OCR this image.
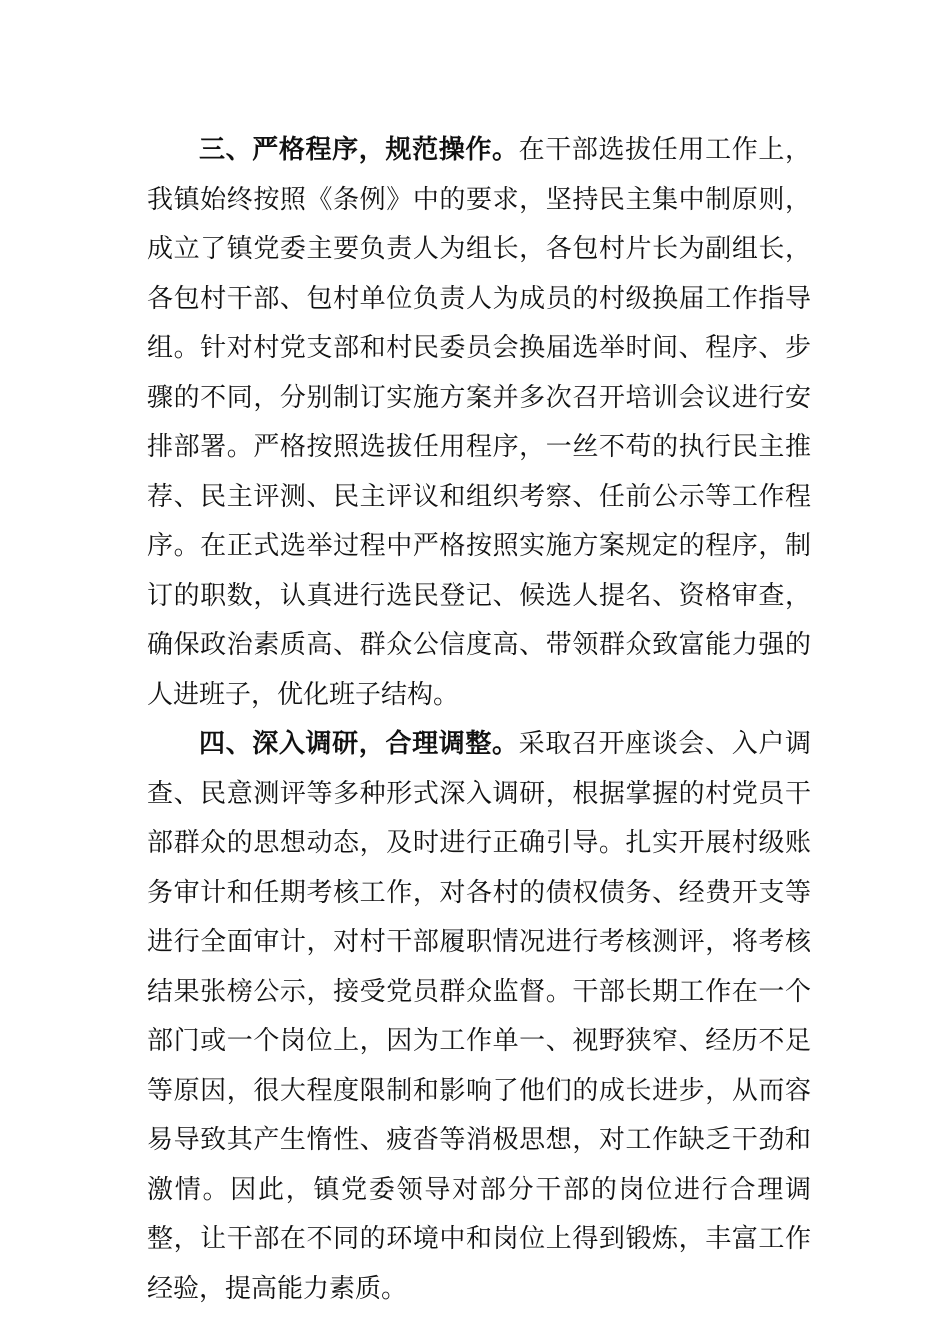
三、严格程序，规范操作。在干部选拔任用工作上，我镇始终按照《条例》中的要求，坚持民主集中制原则，成立了镇党委主要负责人为组长，各包村片长为副组长，各包村干部、包村单位负责人为成员的村级换届工作指导组。针对村党支部和村民委员会换届选举时间、程序、步骤的不同，分别制订实施方案并多次召开培训会议进行安排部署。严格按照选拔任用程序，一丝不苟的执行民主推荐、民主评测、民主评议和组织考察、任前公示等工作程序。在正式选举过程中严格按照实施方案规定的程序，制订的职数，认真进行选民登记、候选人提名、资格审查，确保政治素质高、群众公信度高、带领群众致富能力强的人进班子，优化班子结构。

四、深入调研，合理调整。采取召开座谈会、入户调查、民意测评等多种形式深入调研，根据掌握的村党员干部群众的思想动态，及时进行正确引导。扎实开展村级账务审计和任期考核工作，对各村的债权债务、经费开支等进行全面审计，对村干部履职情况进行考核测评，将考核结果张榜公示，接受党员群众监督。干部长期工作在一个部门或一个岗位上，因为工作单一、视野狭窄、经历不足等原因，很大程度限制和影响了他们的成长进步，从而容易导致其产生惰性、疲沓等消极思想，对工作缺乏干劲和激情。因此，镇党委领导对部分干部的岗位进行合理调整，让干部在不同的环境中和岗位上得到锻炼，丰富工作经验，提高能力素质。
